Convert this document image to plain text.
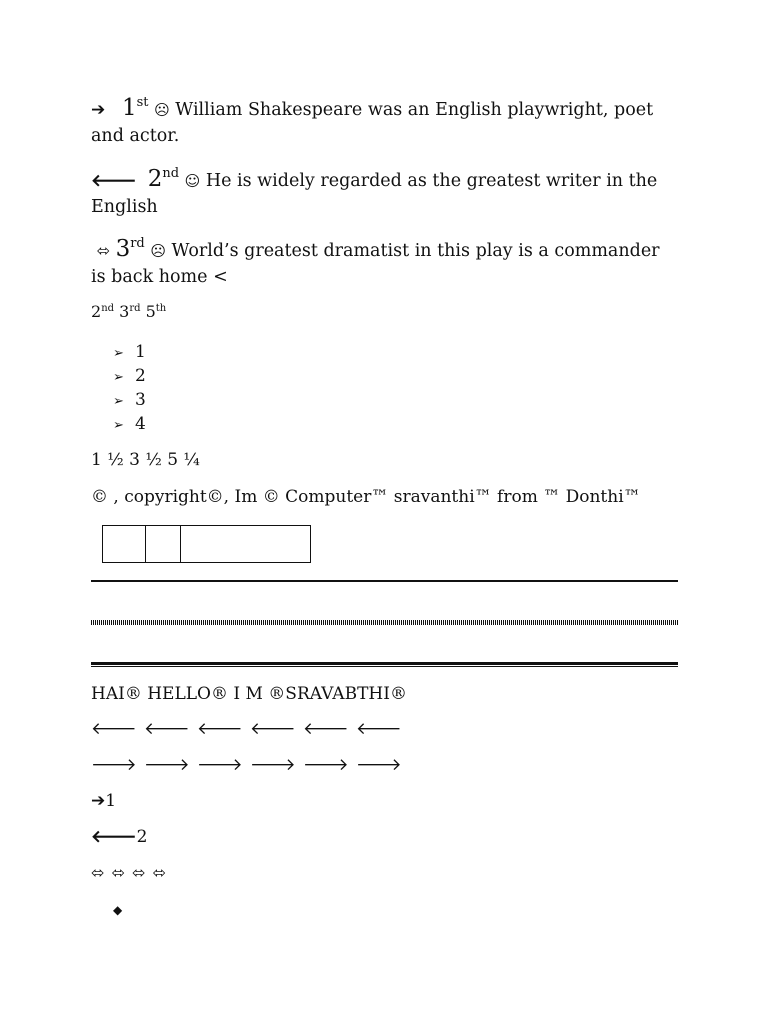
➔ 1st ☹ William Shakespeare was an English playwright, poet and actor.

🡐 2nd ☺ He is widely regarded as the greatest writer in the English

⬄ 3rd ☹ World’s greatest dramatist in this play is a commander is back home <

2nd 3rd 5th
➢ 1
➢ 2
➢ 3
➢ 4
1 ½ 3 ½ 5 ¼
© , copyright©, Im © Computer™ sravanthi™ from ™ Donthi™

HAI® HELLO® I M ®SRAVABTHI®
🡐 🡐 🡐 🡐 🡐 🡐
🡒 🡒 🡒 🡒 🡒 🡒
➔1
🡐2
⬄ ⬄ ⬄ ⬄
◆
